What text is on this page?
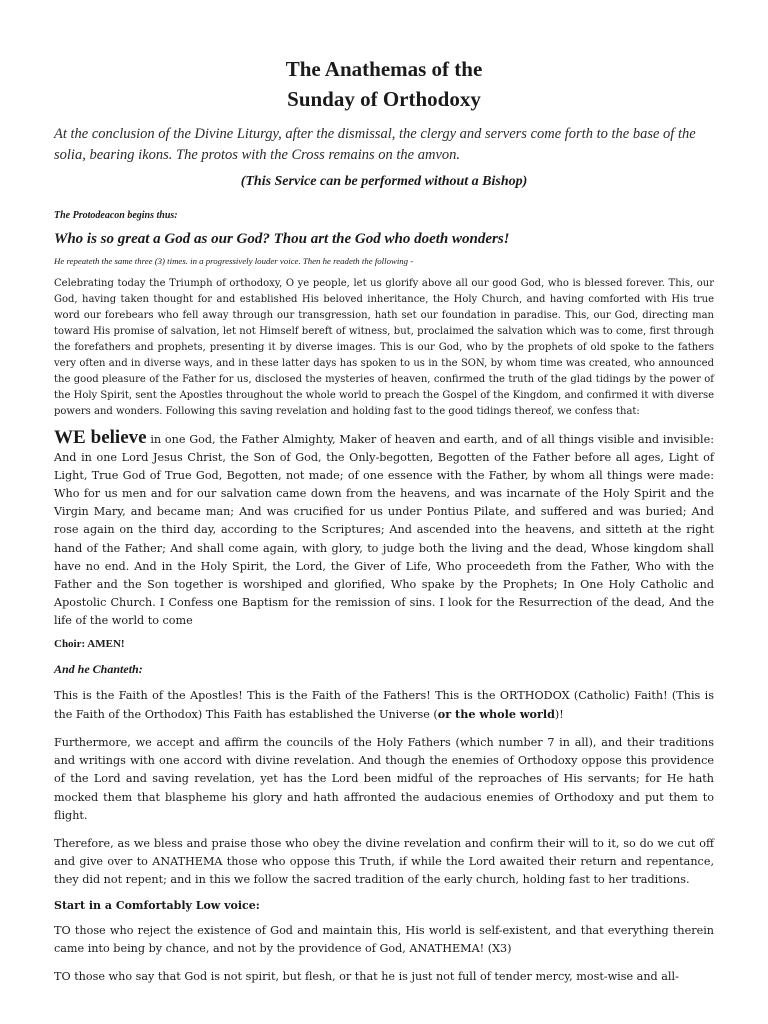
The Anathemas of the
Sunday of Orthodoxy

At the conclusion of the Divine Liturgy, after the dismissal, the clergy and servers come forth to the base of the solia, bearing ikons. The protos with the Cross remains on the amvon.

(This Service can be performed without a Bishop)

The Protodeacon begins thus:

Who is so great a God as our God? Thou art the God who doeth wonders!

He repeateth the same three (3) times. in a progressively louder voice. Then he readeth the following -

Celebrating today the Triumph of orthodoxy, O ye people, let us glorify above all our good God, who is blessed forever. This, our God, having taken thought for and established His beloved inheritance, the Holy Church, and having comforted with His true word our forebears who fell away through our transgression, hath set our foundation in paradise. This, our God, directing man toward His promise of salvation, let not Himself bereft of witness, but, proclaimed the salvation which was to come, first through the forefathers and prophets, presenting it by diverse images. This is our God, who by the prophets of old spoke to the fathers very often and in diverse ways, and in these latter days has spoken to us in the SON, by whom time was created, who announced the good pleasure of the Father for us, disclosed the mysteries of heaven, confirmed the truth of the glad tidings by the power of the Holy Spirit, sent the Apostles throughout the whole world to preach the Gospel of the Kingdom, and confirmed it with diverse powers and wonders. Following this saving revelation and holding fast to the good tidings thereof, we confess that:

WE believe in one God, the Father Almighty, Maker of heaven and earth, and of all things visible and invisible: And in one Lord Jesus Christ, the Son of God, the Only-begotten, Begotten of the Father before all ages, Light of Light, True God of True God, Begotten, not made; of one essence with the Father, by whom all things were made: Who for us men and for our salvation came down from the heavens, and was incarnate of the Holy Spirit and the Virgin Mary, and became man; And was crucified for us under Pontius Pilate, and suffered and was buried; And rose again on the third day, according to the Scriptures; And ascended into the heavens, and sitteth at the right hand of the Father; And shall come again, with glory, to judge both the living and the dead, Whose kingdom shall have no end. And in the Holy Spirit, the Lord, the Giver of Life, Who proceedeth from the Father, Who with the Father and the Son together is worshiped and glorified, Who spake by the Prophets; In One Holy Catholic and Apostolic Church. I Confess one Baptism for the remission of sins. I look for the Resurrection of the dead, And the life of the world to come

Choir: AMEN!

And he Chanteth:

This is the Faith of the Apostles! This is the Faith of the Fathers! This is the ORTHODOX (Catholic) Faith! (This is the Faith of the Orthodox) This Faith has established the Universe (or the whole world)!

Furthermore, we accept and affirm the councils of the Holy Fathers (which number 7 in all), and their traditions and writings with one accord with divine revelation. And though the enemies of Orthodoxy oppose this providence of the Lord and saving revelation, yet has the Lord been midful of the reproaches of His servants; for He hath mocked them that blaspheme his glory and hath affronted the audacious enemies of Orthodoxy and put them to flight.

Therefore, as we bless and praise those who obey the divine revelation and confirm their will to it, so do we cut off and give over to ANATHEMA those who oppose this Truth, if while the Lord awaited their return and repentance, they did not repent; and in this we follow the sacred tradition of the early church, holding fast to her traditions.

Start in a Comfortably Low voice:

TO those who reject the existence of God and maintain this, His world is self-existent, and that everything therein came into being by chance, and not by the providence of God, ANATHEMA! (X3)

TO those who say that God is not spirit, but flesh, or that he is just not full of tender mercy, most-wise and all-
